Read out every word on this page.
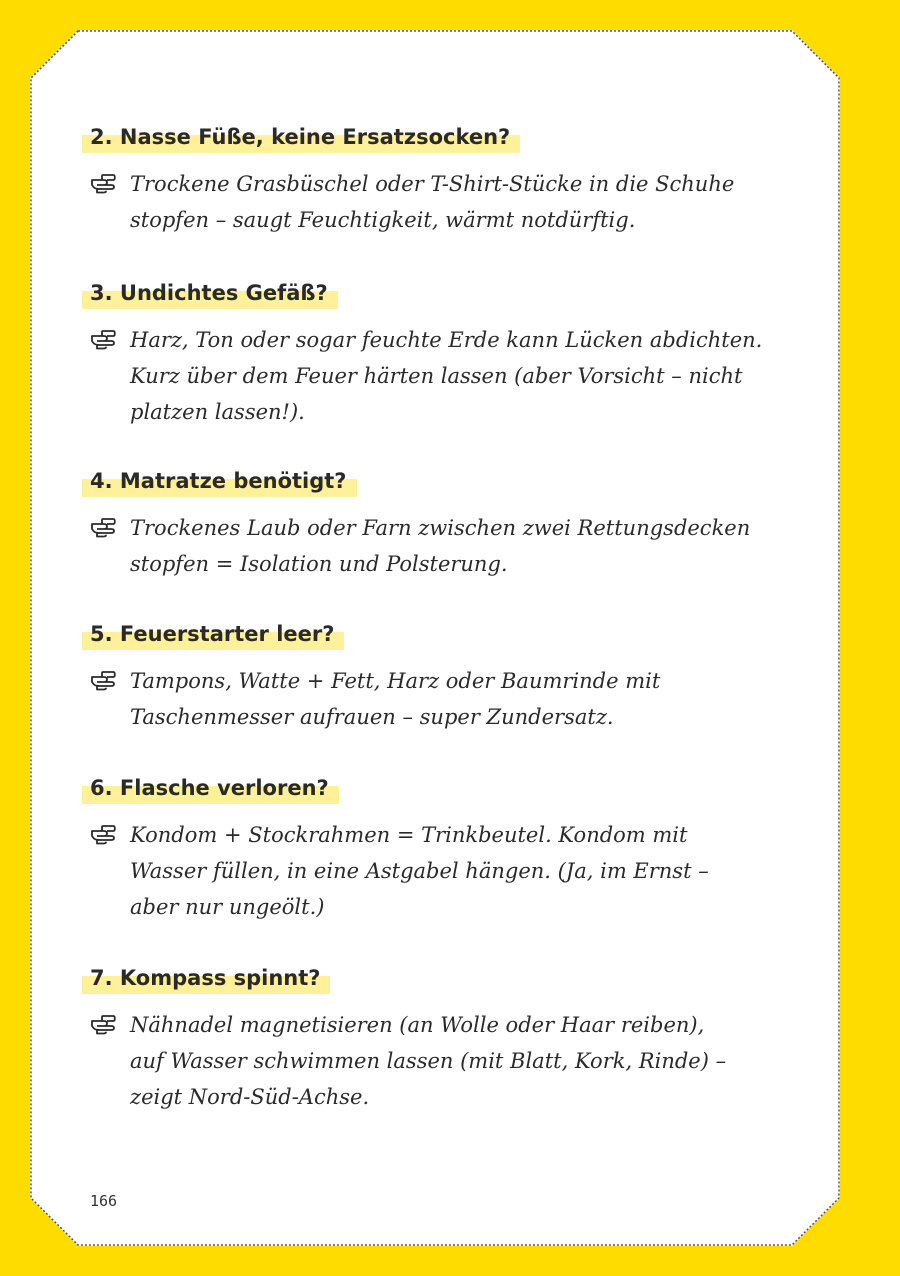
2. Nasse Füße, keine Ersatzsocken?
Trockene Grasbüschel oder T-Shirt-Stücke in die Schuhe
stopfen – saugt Feuchtigkeit, wärmt notdürftig.
3. Undichtes Gefäß?
Harz, Ton oder sogar feuchte Erde kann Lücken abdichten.
Kurz über dem Feuer härten lassen (aber Vorsicht – nicht
platzen lassen!).
4. Matratze benötigt?
Trockenes Laub oder Farn zwischen zwei Rettungsdecken
stopfen = Isolation und Polsterung.
5. Feuerstarter leer?
Tampons, Watte + Fett, Harz oder Baumrinde mit
Taschenmesser aufrauen – super Zundersatz.
6. Flasche verloren?
Kondom + Stockrahmen = Trinkbeutel. Kondom mit
Wasser füllen, in eine Astgabel hängen. (Ja, im Ernst –
aber nur ungeölt.)
7. Kompass spinnt?
Nähnadel magnetisieren (an Wolle oder Haar reiben),
auf Wasser schwimmen lassen (mit Blatt, Kork, Rinde) –
zeigt Nord-Süd-Achse.
166
